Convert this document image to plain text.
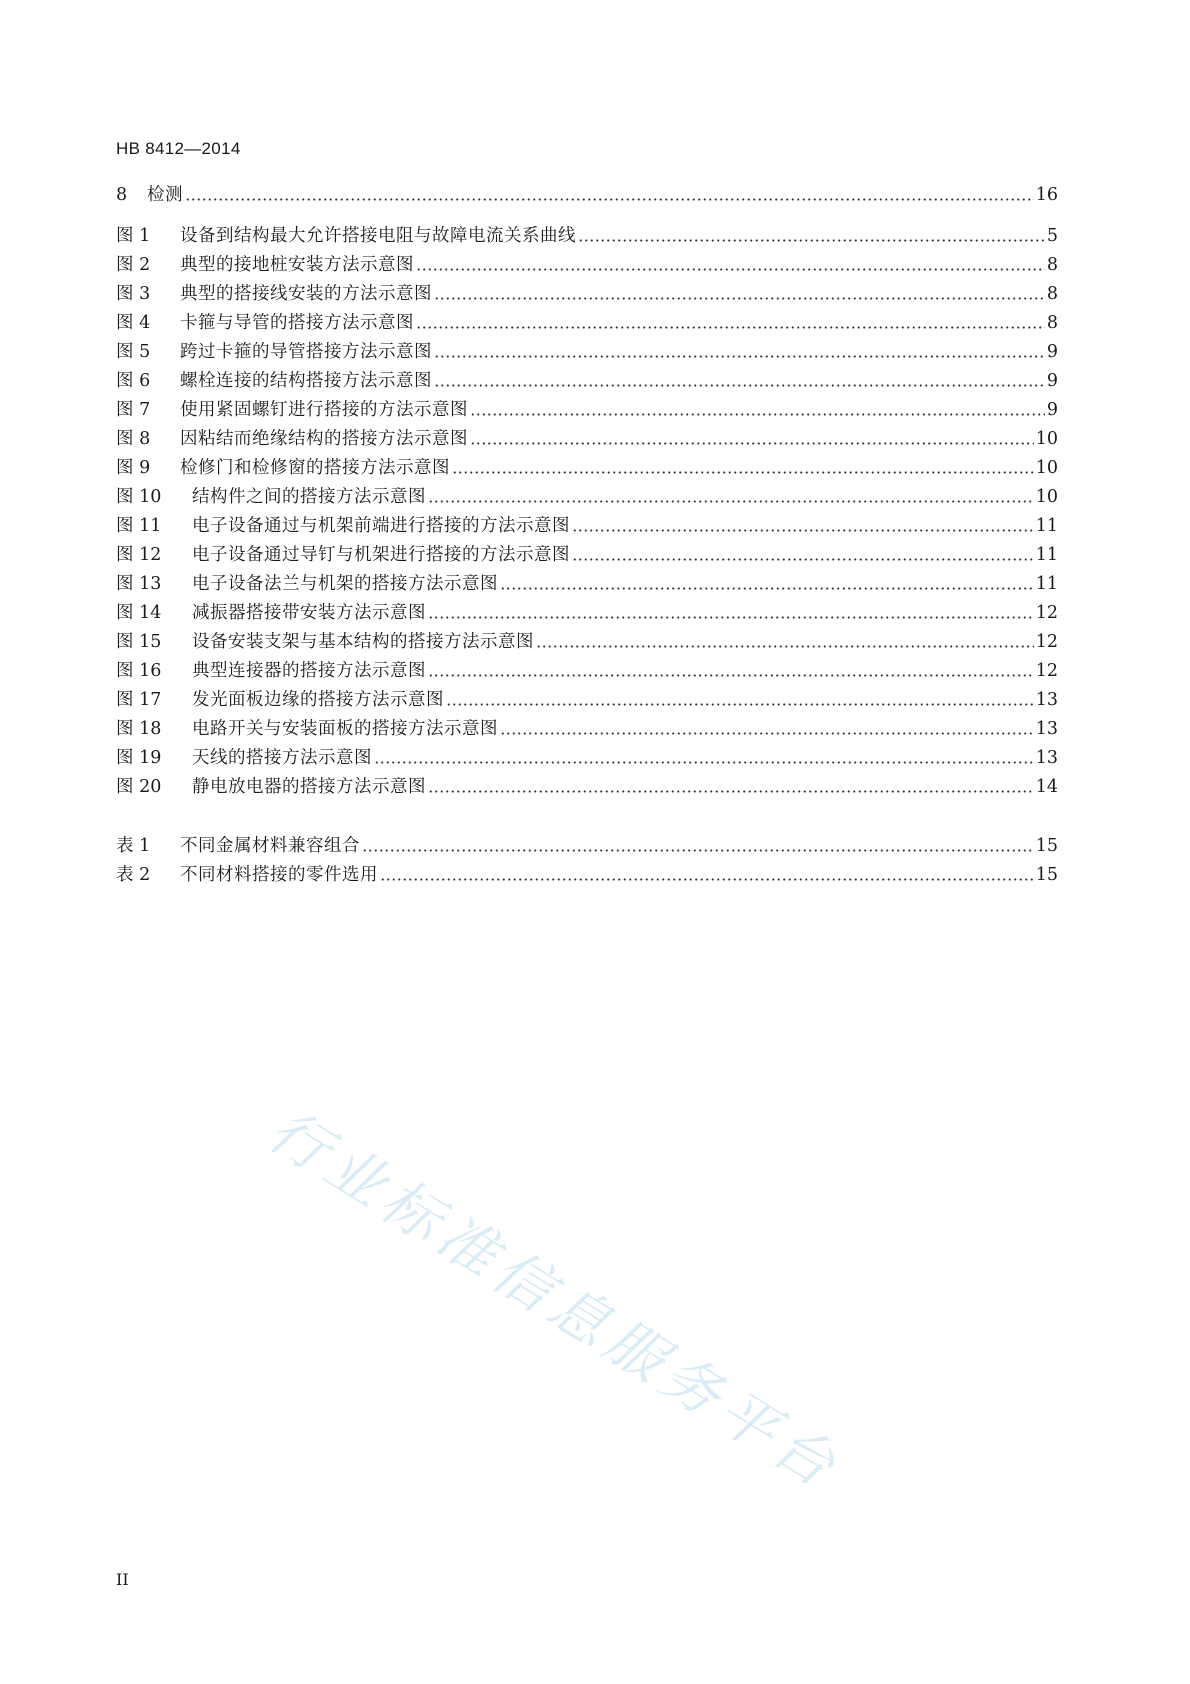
HB 8412—2014
8	检测	16
图 1	设备到结构最大允许搭接电阻与故障电流关系曲线	5
图 2	典型的接地桩安装方法示意图	8
图 3	典型的搭接线安装的方法示意图	8
图 4	卡箍与导管的搭接方法示意图	8
图 5	跨过卡箍的导管搭接方法示意图	9
图 6	螺栓连接的结构搭接方法示意图	9
图 7	使用紧固螺钉进行搭接的方法示意图	9
图 8	因粘结而绝缘结构的搭接方法示意图	10
图 9	检修门和检修窗的搭接方法示意图	10
图 10	结构件之间的搭接方法示意图	10
图 11	电子设备通过与机架前端进行搭接的方法示意图	11
图 12	电子设备通过导钉与机架进行搭接的方法示意图	11
图 13	电子设备法兰与机架的搭接方法示意图	11
图 14	减振器搭接带安装方法示意图	12
图 15	设备安装支架与基本结构的搭接方法示意图	12
图 16	典型连接器的搭接方法示意图	12
图 17	发光面板边缘的搭接方法示意图	13
图 18	电路开关与安装面板的搭接方法示意图	13
图 19	天线的搭接方法示意图	13
图 20	静电放电器的搭接方法示意图	14
表 1	不同金属材料兼容组合	15
表 2	不同材料搭接的零件选用	15
行业标准信息服务平台
II
